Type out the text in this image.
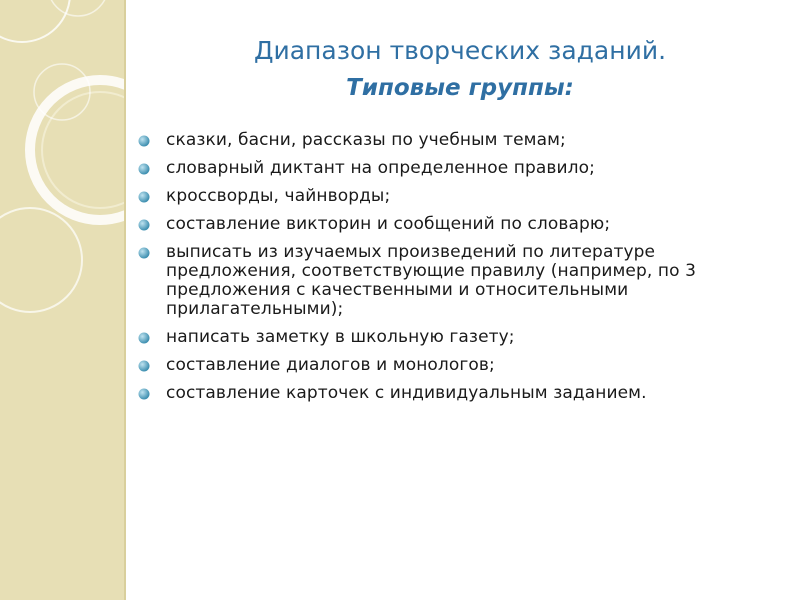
Диапазон творческих заданий.
Типовые группы:
сказки, басни, рассказы по учебным темам;
словарный диктант на определенное правило;
кроссворды, чайнворды;
составление викторин и сообщений по словарю;
выписать из изучаемых произведений по литературе предложения, соответствующие правилу (например, по 3 предложения с качественными и относительными прилагательными);
написать заметку в школьную газету;
составление диалогов и монологов;
составление карточек с индивидуальным заданием.
